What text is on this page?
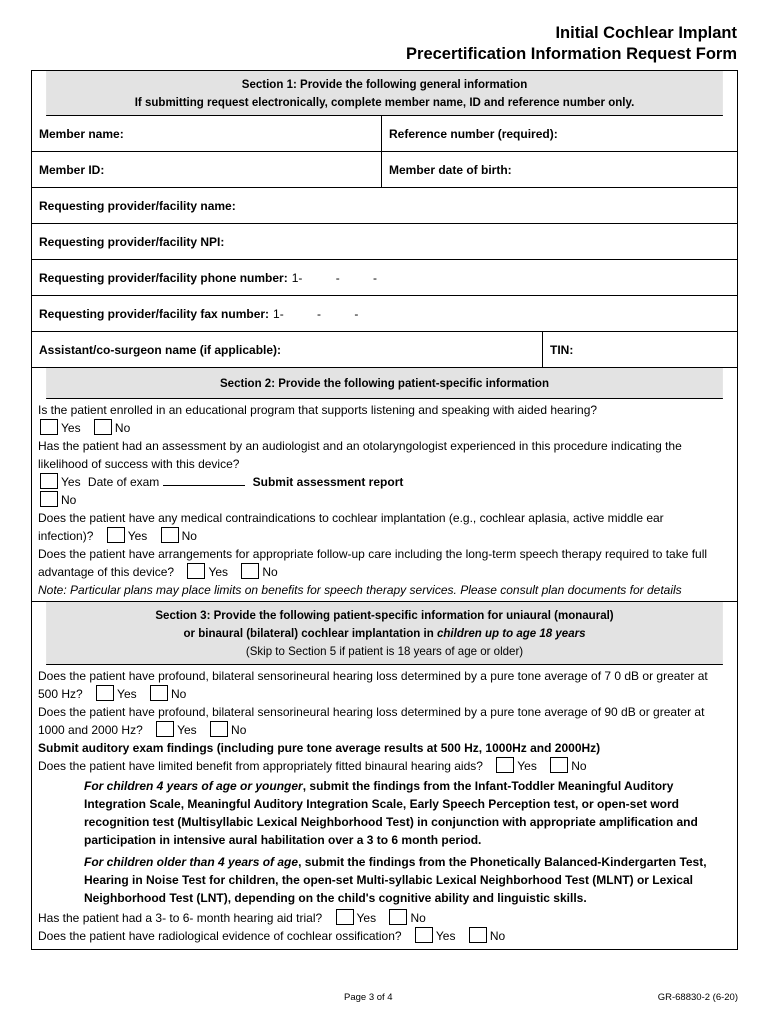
Initial Cochlear Implant
Precertification Information Request Form
Section 1: Provide the following general information
If submitting request electronically, complete member name, ID and reference number only.
Member name:	Reference number (required):
Member ID:	Member date of birth:
Requesting provider/facility name:
Requesting provider/facility NPI:
Requesting provider/facility phone number: 1-          -          -
Requesting provider/facility fax number: 1-          -          -
Assistant/co-surgeon name (if applicable):	TIN:
Section 2: Provide the following patient-specific information
Is the patient enrolled in an educational program that supports listening and speaking with aided hearing?
Yes	No
Has the patient had an assessment by an audiologist and an otolaryngologist experienced in this procedure indicating the
likelihood of success with this device?
Yes Date of exam	Submit assessment report
No
Does the patient have any medical contraindications to cochlear implantation (e.g., cochlear aplasia, active middle ear
infection)?	Yes	No
Does the patient have arrangements for appropriate follow-up care including the long-term speech therapy required to take full
advantage of this device?	Yes	No
Note: Particular plans may place limits on benefits for speech therapy services. Please consult plan documents for details
Section 3: Provide the following patient-specific information for uniaural (monaural)
or binaural (bilateral) cochlear implantation in children up to age 18 years
(Skip to Section 5 if patient is 18 years of age or older)
Does the patient have profound, bilateral sensorineural hearing loss determined by a pure tone average of 7 0 dB or greater at
500 Hz?	Yes	No
Does the patient have profound, bilateral sensorineural hearing loss determined by a pure tone average of 90 dB or greater at
1000 and 2000 Hz?	Yes	No
Submit auditory exam findings (including pure tone average results at 500 Hz, 1000Hz and 2000Hz)
Does the patient have limited benefit from appropriately fitted binaural hearing aids?	Yes	No
For children 4 years of age or younger, submit the findings from the Infant-Toddler Meaningful Auditory Integration Scale, Meaningful Auditory Integration Scale, Early Speech Perception test, or open-set word recognition test (Multisyllabic Lexical Neighborhood Test) in conjunction with appropriate amplification and participation in intensive aural habilitation over a 3 to 6 month period.
For children older than 4 years of age, submit the findings from the Phonetically Balanced-Kindergarten Test, Hearing in Noise Test for children, the open-set Multi-syllabic Lexical Neighborhood Test (MLNT) or Lexical Neighborhood Test (LNT), depending on the child's cognitive ability and linguistic skills.
Has the patient had a 3- to 6- month hearing aid trial?	Yes	No
Does the patient have radiological evidence of cochlear ossification?	Yes	No
Page 3 of 4	GR-68830-2 (6-20)
